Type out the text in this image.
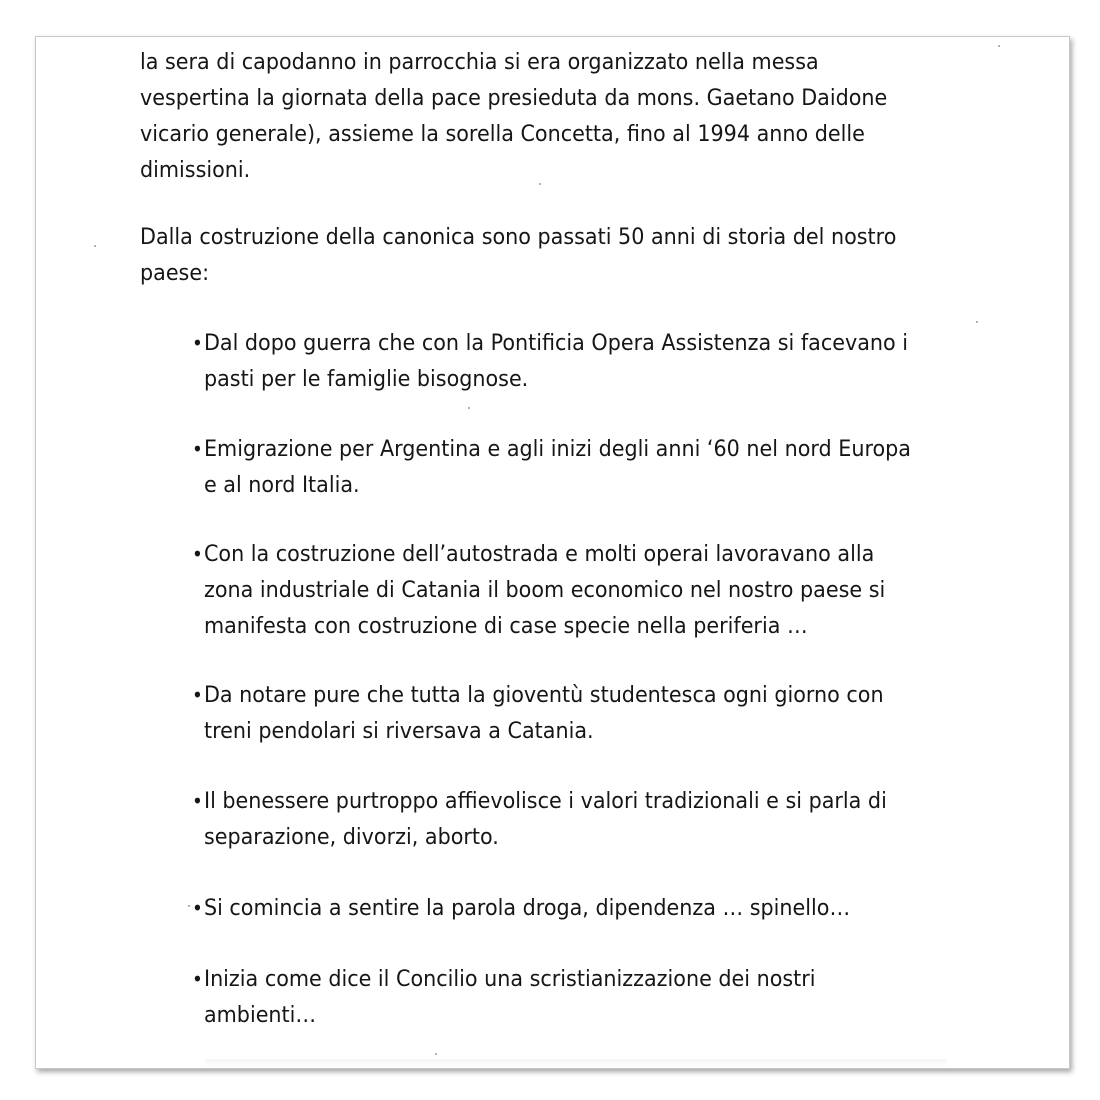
la sera di capodanno in parrocchia si era organizzato nella messa
vespertina la giornata della pace presieduta da mons. Gaetano Daidone
vicario generale), assieme la sorella Concetta, fino al 1994 anno delle
dimissioni.
Dalla costruzione della canonica sono passati 50 anni di storia del nostro
paese:
•Dal dopo guerra che con la Pontificia Opera Assistenza si facevano i
pasti per le famiglie bisognose.
•Emigrazione per Argentina e agli inizi degli anni ‘60 nel nord Europa
e al nord Italia.
•Con la costruzione dell’autostrada e molti operai lavoravano alla
zona industriale di Catania il boom economico nel nostro paese si
manifesta con costruzione di case specie nella periferia …
•Da notare pure che tutta la gioventù studentesca ogni giorno con
treni pendolari si riversava a Catania.
•Il benessere purtroppo affievolisce i valori tradizionali e si parla di
separazione, divorzi, aborto.
•Si comincia a sentire la parola droga, dipendenza … spinello…
•Inizia come dice il Concilio una scristianizzazione dei nostri
ambienti…
